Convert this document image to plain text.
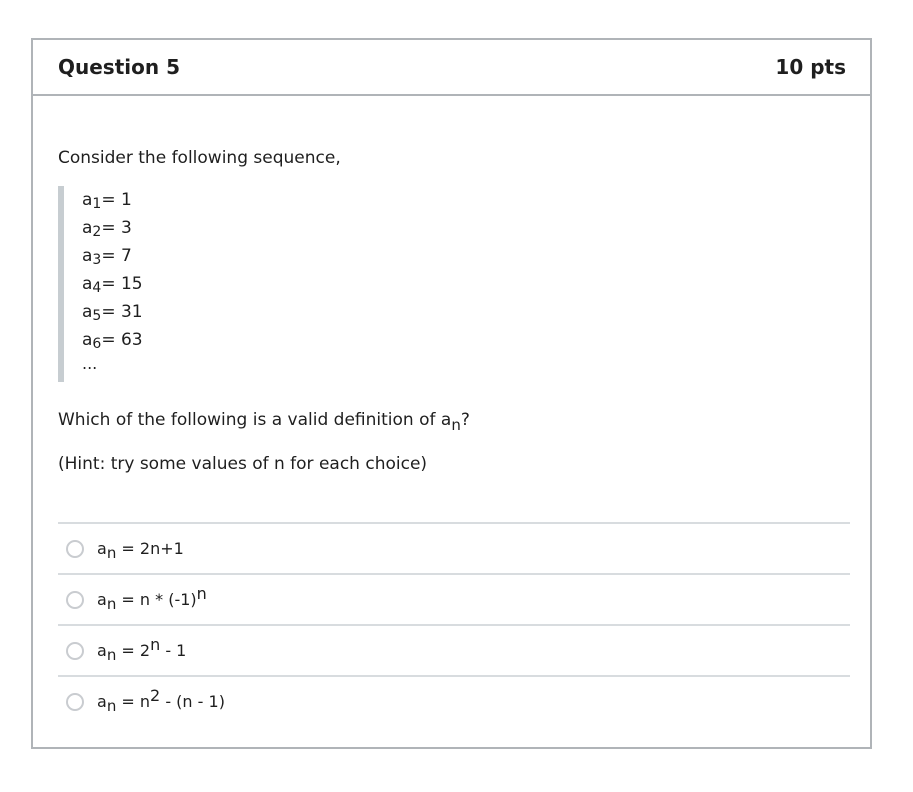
Question 5	10 pts
Consider the following sequence,
$a_1= 1$
$a_2= 3$
$a_3= 7$
$a_4= 15$
$a_5= 31$
$a_6= 63$
...
Which of the following is a valid definition of $a_n$?
(Hint: try some values of n for each choice)
$a_n = 2n+1$
$a_n = n * (-1)^n$
$a_n = 2^n - 1$
$a_n = n^2 - (n - 1)$
